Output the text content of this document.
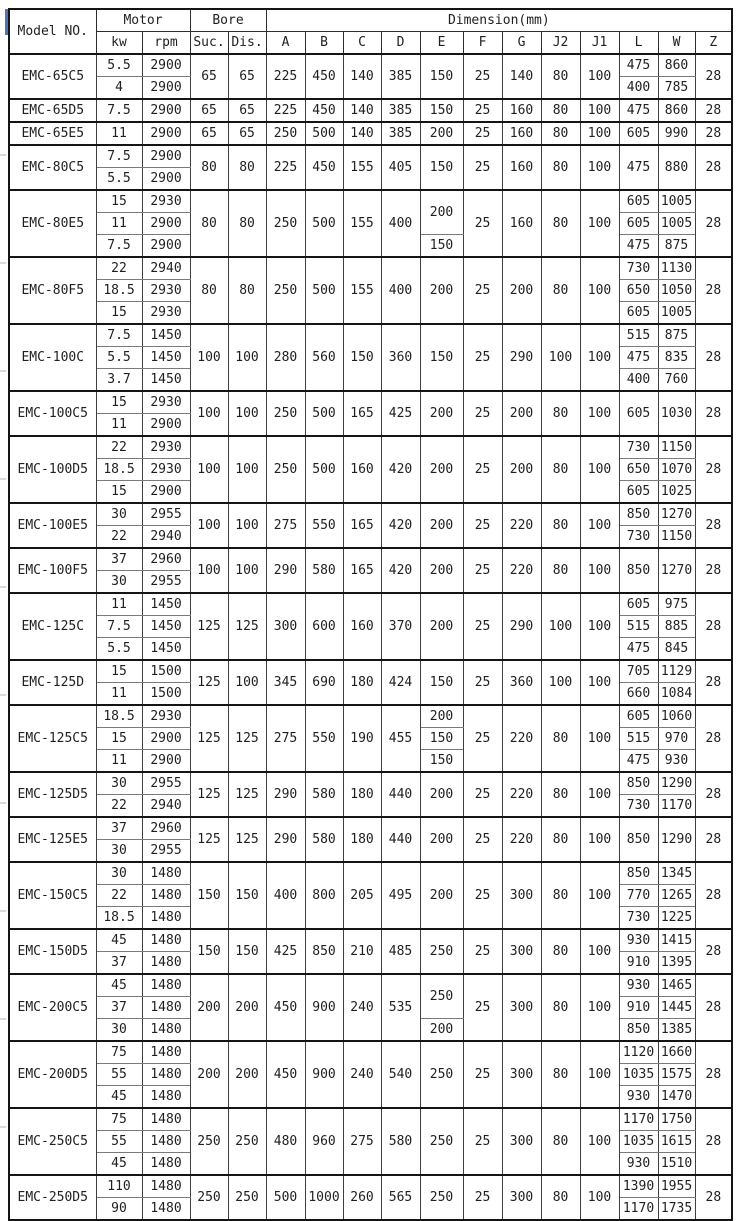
Model NO.	Motor		Bore		Dimension(mm)											
	kw	rpm	Suc.	Dis.	A	B	C	D	E	F	G	J2	J1	L	W	Z
EMC-65C5	5.5	2900	65	65	225	450	140	385	150	25	140	80	100	475	860	28
	4	2900												400	785	
EMC-65D5	7.5	2900	65	65	225	450	140	385	150	25	160	80	100	475	860	28
EMC-65E5	11	2900	65	65	250	500	140	385	200	25	160	80	100	605	990	28
EMC-80C5	7.5	2900	80	80	225	450	155	405	150	25	160	80	100	475	880	28
	5.5	2900														
EMC-80E5	15	2930	80	80	250	500	155	400	200	25	160	80	100	605	1005	28
	11	2900												605	1005	
	7.5	2900							150					475	875	
EMC-80F5	22	2940	80	80	250	500	155	400	200	25	200	80	100	730	1130	28
	18.5	2930												650	1050	
	15	2930												605	1005	
EMC-100C	7.5	1450	100	100	280	560	150	360	150	25	290	100	100	515	875	28
	5.5	1450												475	835	
	3.7	1450												400	760	
EMC-100C5	15	2930	100	100	250	500	165	425	200	25	200	80	100	605	1030	28
	11	2900														
EMC-100D5	22	2930	100	100	250	500	160	420	200	25	200	80	100	730	1150	28
	18.5	2930												650	1070	
	15	2900												605	1025	
EMC-100E5	30	2955	100	100	275	550	165	420	200	25	220	80	100	850	1270	28
	22	2940												730	1150	
EMC-100F5	37	2960	100	100	290	580	165	420	200	25	220	80	100	850	1270	28
	30	2955														
EMC-125C	11	1450	125	125	300	600	160	370	200	25	290	100	100	605	975	28
	7.5	1450												515	885	
	5.5	1450												475	845	
EMC-125D	15	1500	125	100	345	690	180	424	150	25	360	100	100	705	1129	28
	11	1500												660	1084	
EMC-125C5	18.5	2930	125	125	275	550	190	455	200	25	220	80	100	605	1060	28
	15	2900							150					515	970	
	11	2900							150					475	930	
EMC-125D5	30	2955	125	125	290	580	180	440	200	25	220	80	100	850	1290	28
	22	2940												730	1170	
EMC-125E5	37	2960	125	125	290	580	180	440	200	25	220	80	100	850	1290	28
	30	2955														
EMC-150C5	30	1480	150	150	400	800	205	495	200	25	300	80	100	850	1345	28
	22	1480												770	1265	
	18.5	1480												730	1225	
EMC-150D5	45	1480	150	150	425	850	210	485	250	25	300	80	100	930	1415	28
	37	1480												910	1395	
EMC-200C5	45	1480	200	200	450	900	240	535	250	25	300	80	100	930	1465	28
	37	1480												910	1445	
	30	1480							200					850	1385	
EMC-200D5	75	1480	200	200	450	900	240	540	250	25	300	80	100	1120	1660	28
	55	1480												1035	1575	
	45	1480												930	1470	
EMC-250C5	75	1480	250	250	480	960	275	580	250	25	300	80	100	1170	1750	28
	55	1480												1035	1615	
	45	1480												930	1510	
EMC-250D5	110	1480	250	250	500	1000	260	565	250	25	300	80	100	1390	1955	28
	90	1480												1170	1735	
